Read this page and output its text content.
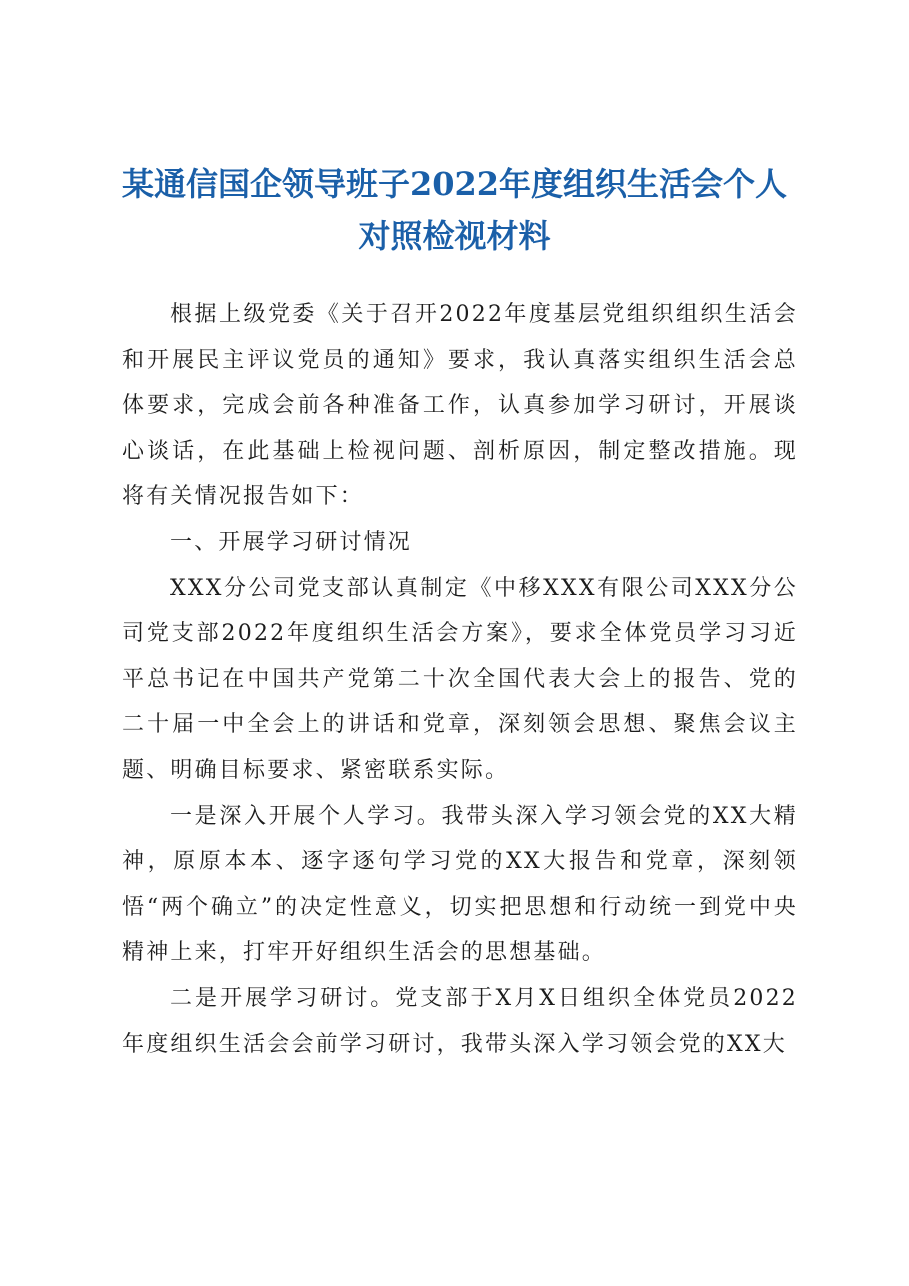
某通信国企领导班子2022年度组织生活会个人对照检视材料

根据上级党委《关于召开2022年度基层党组织组织生活会和开展民主评议党员的通知》要求，我认真落实组织生活会总体要求，完成会前各种准备工作，认真参加学习研讨，开展谈心谈话，在此基础上检视问题、剖析原因，制定整改措施。现将有关情况报告如下：

一、开展学习研讨情况

XXX分公司党支部认真制定《中移XXX有限公司XXX分公司党支部2022年度组织生活会方案》，要求全体党员学习习近平总书记在中国共产党第二十次全国代表大会上的报告、党的二十届一中全会上的讲话和党章，深刻领会思想、聚焦会议主题、明确目标要求、紧密联系实际。

一是深入开展个人学习。我带头深入学习领会党的XX大精神，原原本本、逐字逐句学习党的XX大报告和党章，深刻领悟“两个确立”的决定性意义，切实把思想和行动统一到党中央精神上来，打牢开好组织生活会的思想基础。

二是开展学习研讨。党支部于X月X日组织全体党员2022年度组织生活会会前学习研讨，我带头深入学习领会党的XX大
